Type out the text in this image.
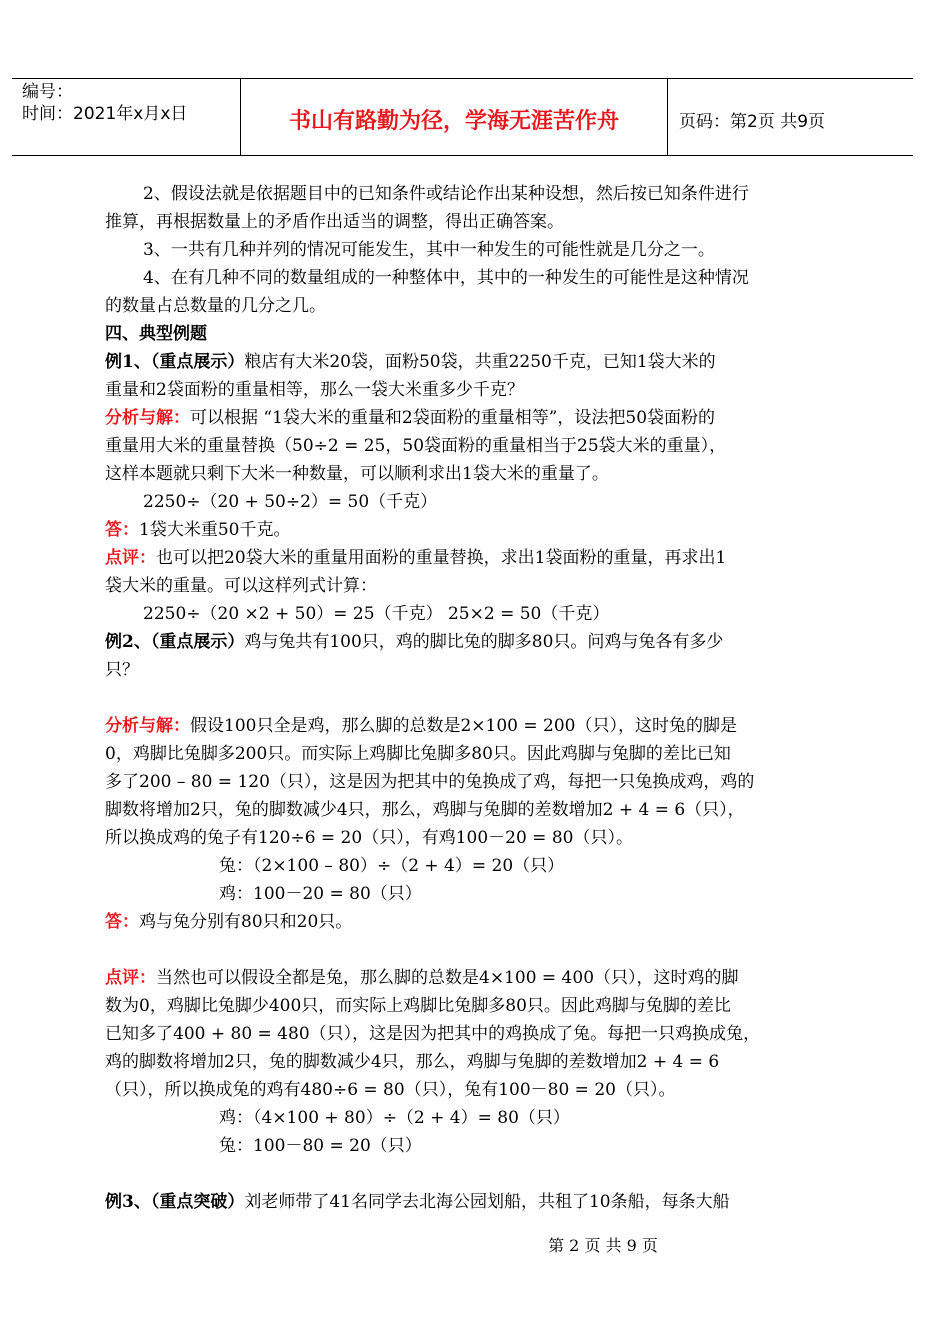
编号：
时间：2021年x月x日	书山有路勤为径，学海无涯苦作舟	页码：第2页 共9页
2、假设法就是依据题目中的已知条件或结论作出某种设想，然后按已知条件进行
推算，再根据数量上的矛盾作出适当的调整，得出正确答案。
3、一共有几种并列的情况可能发生，其中一种发生的可能性就是几分之一。
4、在有几种不同的数量组成的一种整体中，其中的一种发生的可能性是这种情况
的数量占总数量的几分之几。
四、典型例题
例1、（重点展示）粮店有大米20袋，面粉50袋，共重2250千克，已知1袋大米的
重量和2袋面粉的重量相等，那么一袋大米重多少千克？
分析与解：可以根据 “1袋大米的重量和2袋面粉的重量相等”，设法把50袋面粉的
重量用大米的重量替换（50÷2 = 25，50袋面粉的重量相当于25袋大米的重量），
这样本题就只剩下大米一种数量，可以顺利求出1袋大米的重量了。
2250÷（20 + 50÷2）= 50（千克）
答：1袋大米重50千克。
点评：也可以把20袋大米的重量用面粉的重量替换，求出1袋面粉的重量，再求出1
袋大米的重量。可以这样列式计算：
2250÷（20 ×2 + 50）= 25（千克） 25×2 = 50（千克）
例2、（重点展示）鸡与兔共有100只，鸡的脚比兔的脚多80只。问鸡与兔各有多少
只？
分析与解：假设100只全是鸡，那么脚的总数是2×100 = 200（只），这时兔的脚是
0，鸡脚比兔脚多200只。而实际上鸡脚比兔脚多80只。因此鸡脚与兔脚的差比已知
多了200 – 80 = 120（只），这是因为把其中的兔换成了鸡，每把一只兔换成鸡，鸡的
脚数将增加2只，兔的脚数减少4只，那么，鸡脚与兔脚的差数增加2 + 4 = 6（只），
所以换成鸡的兔子有120÷6 = 20（只），有鸡100－20 = 80（只）。
兔：（2×100 – 80）÷（2 + 4）= 20（只）
鸡：100－20 = 80（只）
答：鸡与兔分别有80只和20只。
点评：当然也可以假设全都是兔，那么脚的总数是4×100 = 400（只），这时鸡的脚
数为0，鸡脚比兔脚少400只，而实际上鸡脚比兔脚多80只。因此鸡脚与兔脚的差比
已知多了400 + 80 = 480（只），这是因为把其中的鸡换成了兔。每把一只鸡换成兔，
鸡的脚数将增加2只，兔的脚数减少4只，那么，鸡脚与兔脚的差数增加2 + 4 = 6
（只），所以换成兔的鸡有480÷6 = 80（只），兔有100－80 = 20（只）。
鸡：（4×100 + 80）÷（2 + 4）= 80（只）
兔：100－80 = 20（只）
例3、（重点突破）刘老师带了41名同学去北海公园划船，共租了10条船，每条大船
第 2 页 共 9 页
